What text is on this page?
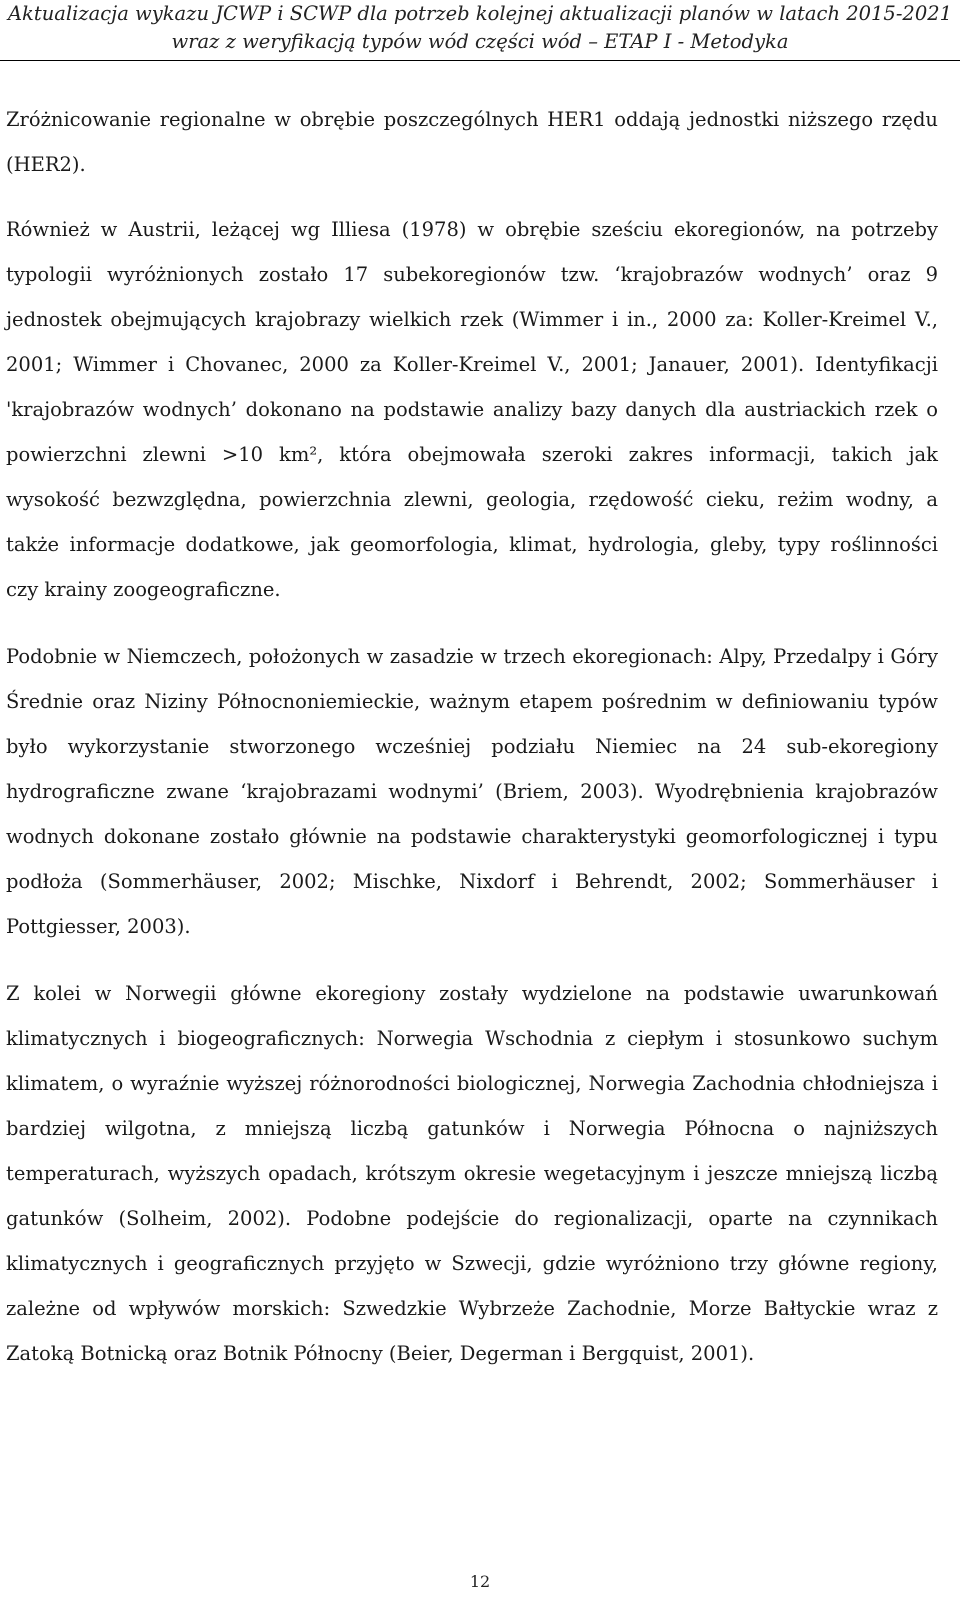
Aktualizacja wykazu JCWP i SCWP dla potrzeb kolejnej aktualizacji planów w latach 2015-2021
wraz z weryfikacją typów wód części wód – ETAP I - Metodyka

Zróżnicowanie regionalne w obrębie poszczególnych HER1 oddają jednostki niższego rzędu (HER2).

Również w Austrii, leżącej wg Illiesa (1978) w obrębie sześciu ekoregionów, na potrzeby typologii wyróżnionych zostało 17 subekoregionów tzw. ‘krajobrazów wodnych’ oraz 9 jednostek obejmujących krajobrazy wielkich rzek (Wimmer i in., 2000 za: Koller-Kreimel V., 2001; Wimmer i Chovanec, 2000 za Koller-Kreimel V., 2001; Janauer, 2001). Identyfikacji 'krajobrazów wodnych’ dokonano na podstawie analizy bazy danych dla austriackich rzek o powierzchni zlewni >10 km², która obejmowała szeroki zakres informacji, takich jak wysokość bezwzględna, powierzchnia zlewni, geologia, rzędowość cieku, reżim wodny, a także informacje dodatkowe, jak geomorfologia, klimat, hydrologia, gleby, typy roślinności czy krainy zoogeograficzne.

Podobnie w Niemczech, położonych w zasadzie w trzech ekoregionach: Alpy, Przedalpy i Góry Średnie oraz Niziny Północnoniemieckie, ważnym etapem pośrednim w definiowaniu typów było wykorzystanie stworzonego wcześniej podziału Niemiec na 24 sub-ekoregiony hydrograficzne zwane ‘krajobrazami wodnymi’ (Briem, 2003). Wyodrębnienia krajobrazów wodnych dokonane zostało głównie na podstawie charakterystyki geomorfologicznej i typu podłoża (Sommerhäuser, 2002; Mischke, Nixdorf i Behrendt, 2002; Sommerhäuser i Pottgiesser, 2003).

Z kolei w Norwegii główne ekoregiony zostały wydzielone na podstawie uwarunkowań klimatycznych i biogeograficznych: Norwegia Wschodnia z ciepłym i stosunkowo suchym klimatem, o wyraźnie wyższej różnorodności biologicznej, Norwegia Zachodnia chłodniejsza i bardziej wilgotna, z mniejszą liczbą gatunków i Norwegia Północna o najniższych temperaturach, wyższych opadach, krótszym okresie wegetacyjnym i jeszcze mniejszą liczbą gatunków (Solheim, 2002). Podobne podejście do regionalizacji, oparte na czynnikach klimatycznych i geograficznych przyjęto w Szwecji, gdzie wyróżniono trzy główne regiony, zależne od wpływów morskich: Szwedzkie Wybrzeże Zachodnie, Morze Bałtyckie wraz z Zatoką Botnicką oraz Botnik Północny (Beier, Degerman i Bergquist, 2001).

12
